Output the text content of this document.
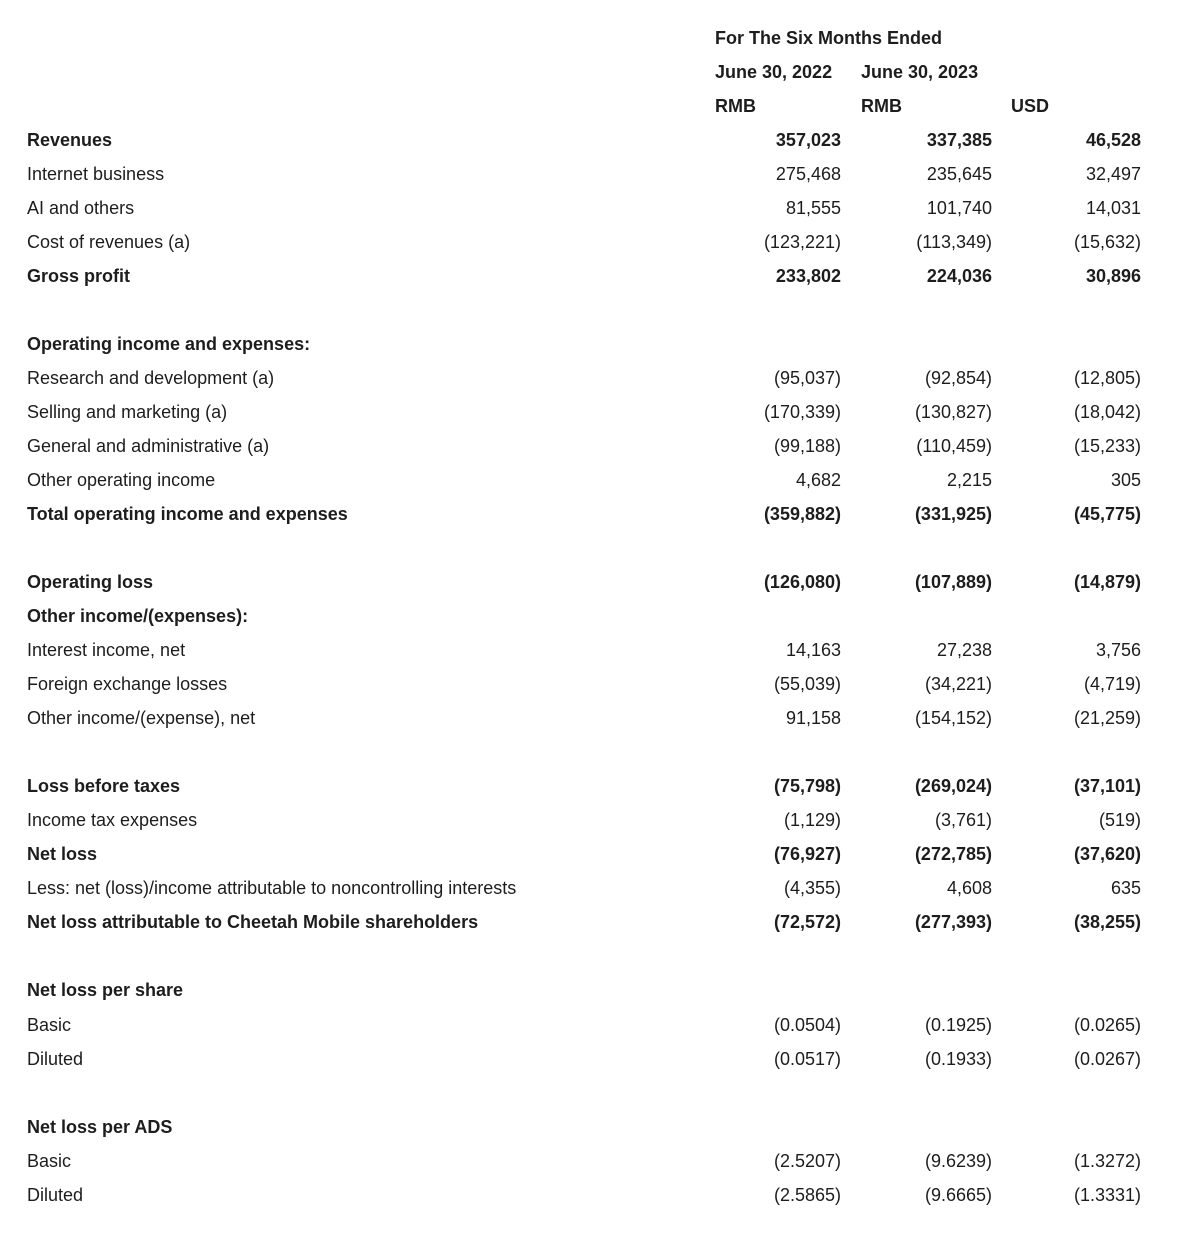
For The Six Months Ended
June 30, 2022 June 30, 2023
RMB	RMB	USD
Revenues	357,023	337,385	46,528
Internet business	275,468	235,645	32,497
AI and others	81,555	101,740	14,031
Cost of revenues (a)	(123,221)	(113,349)	(15,632)
Gross profit	233,802	224,036	30,896
Operating income and expenses:
Research and development (a)	(95,037)	(92,854)	(12,805)
Selling and marketing (a)	(170,339)	(130,827)	(18,042)
General and administrative (a)	(99,188)	(110,459)	(15,233)
Other operating income	4,682	2,215	305
Total operating income and expenses	(359,882)	(331,925)	(45,775)
Operating loss	(126,080)	(107,889)	(14,879)
Other income/(expenses):
Interest income, net	14,163	27,238	3,756
Foreign exchange losses	(55,039)	(34,221)	(4,719)
Other income/(expense), net	91,158	(154,152)	(21,259)
Loss before taxes	(75,798)	(269,024)	(37,101)
Income tax expenses	(1,129)	(3,761)	(519)
Net loss	(76,927)	(272,785)	(37,620)
Less: net (loss)/income attributable to noncontrolling interests	(4,355)	4,608	635
Net loss attributable to Cheetah Mobile shareholders	(72,572)	(277,393)	(38,255)
Net loss per share
Basic	(0.0504)	(0.1925)	(0.0265)
Diluted	(0.0517)	(0.1933)	(0.0267)
Net loss per ADS
Basic	(2.5207)	(9.6239)	(1.3272)
Diluted	(2.5865)	(9.6665)	(1.3331)
